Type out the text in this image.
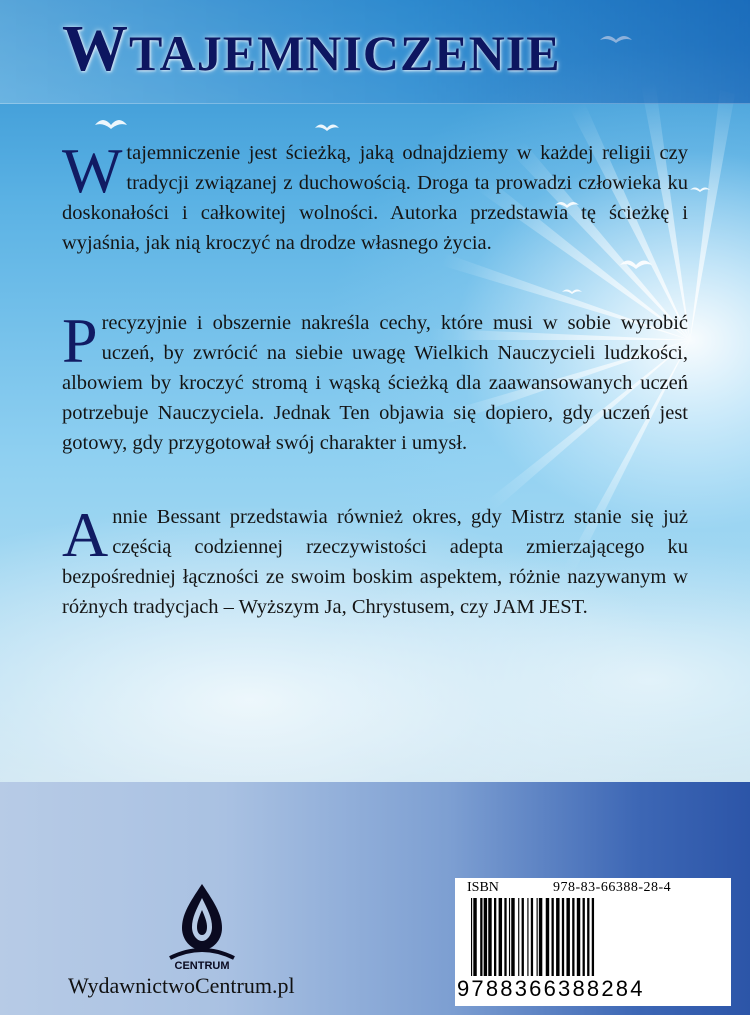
WTAJEMNICZENIE

Wtajemniczenie jest ścieżką, jaką odnajdziemy w każdej religii czy tradycji związanej z duchowością. Droga ta prowadzi człowieka ku doskonałości i całkowitej wolności. Autorka przedstawia tę ścieżkę i wyjaśnia, jak nią kroczyć na drodze własnego życia.

Precyzyjnie i obszernie nakreśla cechy, które musi w sobie wyrobić uczeń, by zwrócić na siebie uwagę Wielkich Nauczycieli ludzkości, albowiem by kroczyć stromą i wąską ścieżką dla zaawansowanych uczeń potrzebuje Nauczyciela. Jednak Ten objawia się dopiero, gdy uczeń jest gotowy, gdy przygotował swój charakter i umysł.

Annie Bessant przedstawia również okres, gdy Mistrz stanie się już częścią codziennej rzeczywistości adepta zmierzającego ku bezpośredniej łączności ze swoim boskim aspektem, różnie nazywanym w różnych tradycjach – Wyższym Ja, Chrystusem, czy JAM JEST.

CENTRUM
WydawnictwoCentrum.pl
ISBN	978-83-66388-28-4
9788366388284
